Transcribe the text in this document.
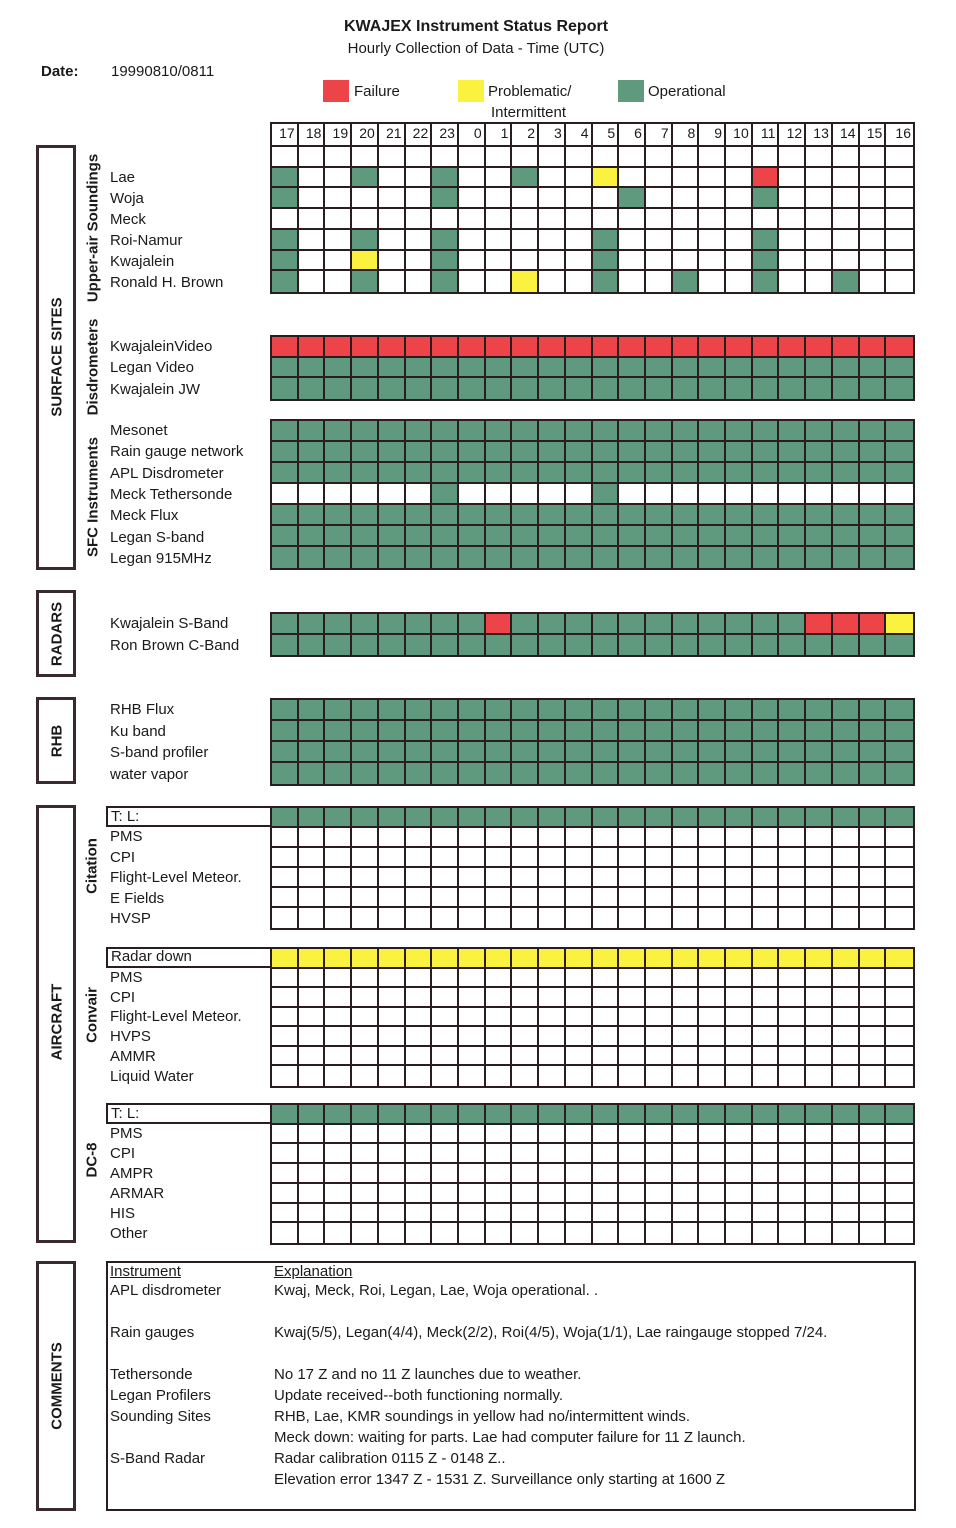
KWAJEX Instrument Status Report
Hourly Collection of Data - Time (UTC)
Date: 19990810/0811
Failure	Problematic/
Intermittent
Operational
17 18 19 20 21 22 23	0	1	2	3	4	5	6	7	8	9 10 11 12 13 14 15 16
SURFACE SITES
RADARS
RHB
AIRCRAFT
COMMENTS
Upper-air Soundings
Disdrometers
SFC Instruments
Citation
Convair
DC-8
Lae
Woja
Meck
Roi-Namur
Kwajalein
Ronald H. Brown
KwajaleinVideo
Legan Video
Kwajalein JW
Mesonet
Rain gauge network
APL Disdrometer
Meck Tethersonde
Meck Flux
Legan S-band
Legan 915MHz
Kwajalein S-Band
Ron Brown C-Band
RHB Flux
Ku band
S-band profiler
water vapor
T: L:
PMS
CPI
Flight-Level Meteor.
E Fields
HVSP
Radar down
PMS
CPI
Flight-Level Meteor.
HVPS
AMMR
Liquid Water
T: L:
PMS
CPI
AMPR
ARMAR
HIS
Other
Instrument	Explanation
APL disdrometer	Kwaj, Meck, Roi, Legan, Lae, Woja operational. .
Rain gauges	Kwaj(5/5), Legan(4/4), Meck(2/2), Roi(4/5), Woja(1/1), Lae raingauge stopped 7/24.
Tethersonde	No 17 Z and no 11 Z launches due to weather.
Legan Profilers	Update received--both functioning normally.
Sounding Sites	RHB, Lae, KMR soundings in yellow had no/intermittent winds.
Meck down: waiting for parts. Lae had computer failure for 11 Z launch.
S-Band Radar	Radar calibration 0115 Z - 0148 Z..
Elevation error 1347 Z - 1531 Z. Surveillance only starting at 1600 Z
